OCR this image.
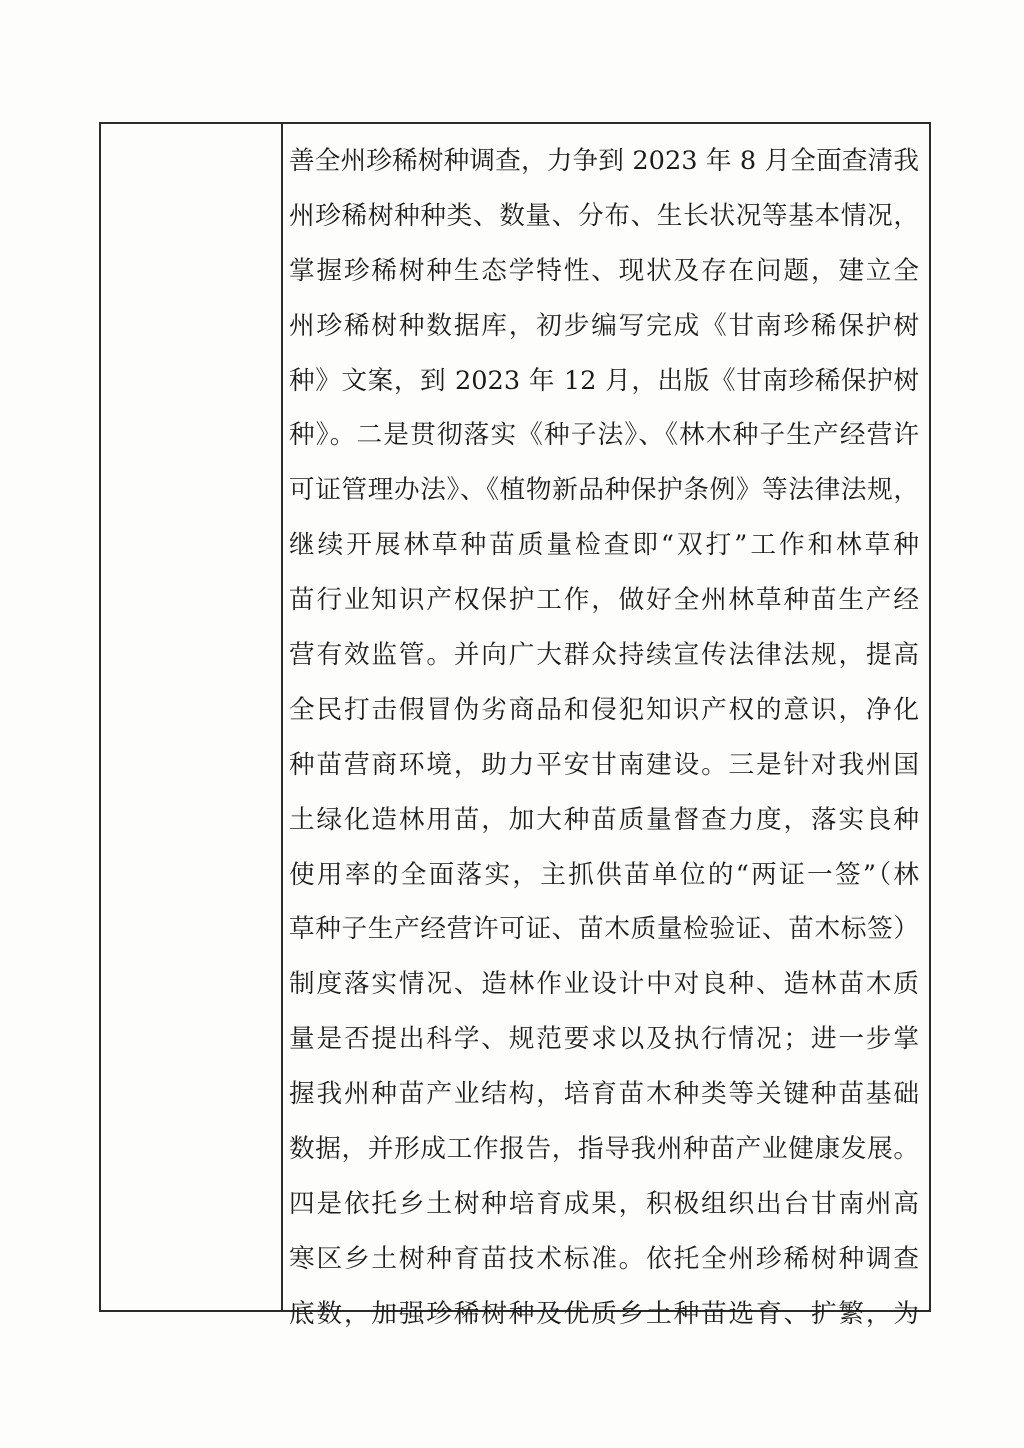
善全州珍稀树种调查，力争到 2023 年 8 月全面查清我
州珍稀树种种类、数量、分布、生长状况等基本情况，
掌握珍稀树种生态学特性、现状及存在问题，建立全
州珍稀树种数据库，初步编写完成《甘南珍稀保护树
种》文案，到 2023 年 12 月，出版《甘南珍稀保护树
种》。二是贯彻落实《种子法》、《林木种子生产经营许
可证管理办法》、《植物新品种保护条例》等法律法规，
继续开展林草种苗质量检查即“双打”工作和林草种
苗行业知识产权保护工作，做好全州林草种苗生产经
营有效监管。并向广大群众持续宣传法律法规，提高
全民打击假冒伪劣商品和侵犯知识产权的意识，净化
种苗营商环境，助力平安甘南建设。三是针对我州国
土绿化造林用苗，加大种苗质量督查力度，落实良种
使用率的全面落实，主抓供苗单位的“两证一签”（林
草种子生产经营许可证、苗木质量检验证、苗木标签）
制度落实情况、造林作业设计中对良种、造林苗木质
量是否提出科学、规范要求以及执行情况；进一步掌
握我州种苗产业结构，培育苗木种类等关键种苗基础
数据，并形成工作报告，指导我州种苗产业健康发展。
四是依托乡土树种培育成果，积极组织出台甘南州高
寒区乡土树种育苗技术标准。依托全州珍稀树种调查
底数，加强珍稀树种及优质乡土种苗选育、扩繁，为
